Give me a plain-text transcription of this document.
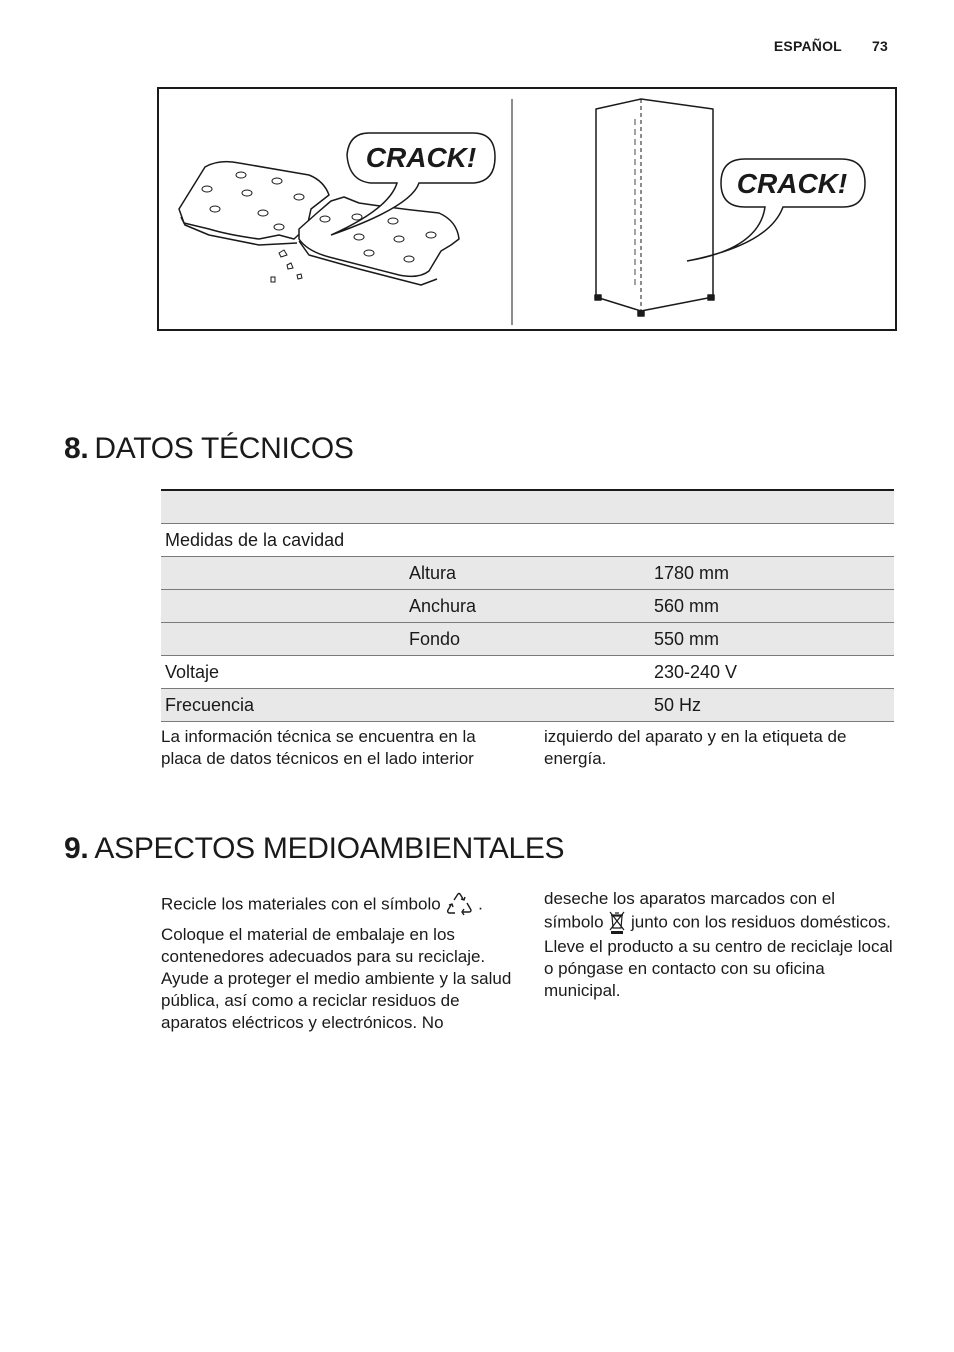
ESPAÑOL 73
CRACK!
CRACK!
8. DATOS TÉCNICOS

Medidas de la cavidad		
	Altura	1780 mm
	Anchura	560 mm
	Fondo	550 mm
Voltaje		230-240 V
Frecuencia		50 Hz

La información técnica se encuentra en la placa de datos técnicos en el lado interior

izquierdo del aparato y en la etiqueta de energía.

9. ASPECTOS MEDIOAMBIENTALES

Recicle los materiales con el símbolo .

Coloque el material de embalaje en los contenedores adecuados para su reciclaje. Ayude a proteger el medio ambiente y la salud pública, así como a reciclar residuos de aparatos eléctricos y electrónicos. No

deseche los aparatos marcados con el símbolo junto con los residuos domésticos. Lleve el producto a su centro de reciclaje local o póngase en contacto con su oficina municipal.
